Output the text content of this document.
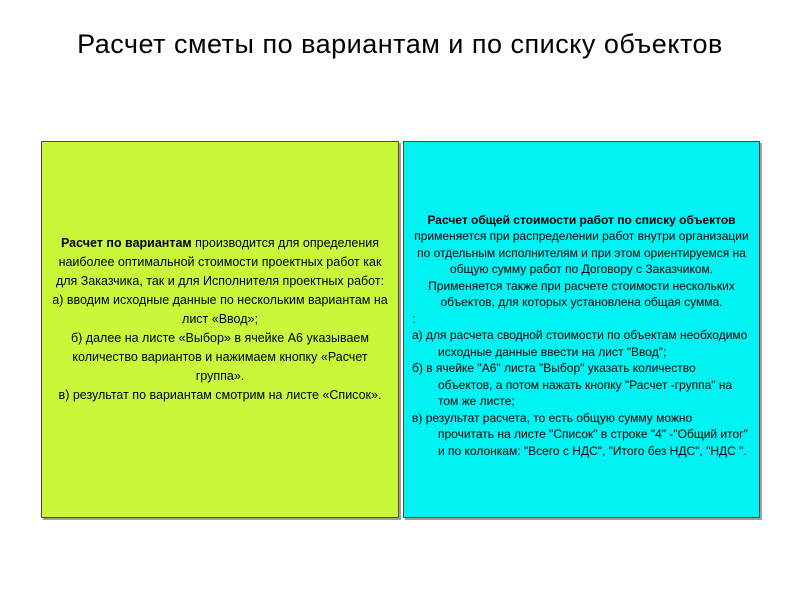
Расчет сметы по вариантам и по списку объектов

Расчет по вариантам производится для определения наиболее оптимальной стоимости проектных работ как для Заказчика, так и для Исполнителя проектных работ:

а) вводим исходные данные по нескольким вариантам на лист «Ввод»;

б) далее на листе «Выбор» в ячейке А6 указываем количество вариантов и нажимаем кнопку «Расчет группа».

в) результат по вариантам смотрим на листе «Список».

Расчет общей стоимости работ по списку объектов применяется при распределении работ внутри организации по отдельным исполнителям и при этом ориентируемся на общую сумму работ по Договору с Заказчиком. Применяется также при расчете стоимости нескольких объектов, для которых установлена общая сумма.

:

а) для расчета сводной стоимости по объектам необходимо исходные данные ввести на лист "Ввод";

б) в ячейке "А6" листа "Выбор" указать количество объектов, а потом нажать кнопку "Расчет -группа" на том же листе;

в) результат расчета, то есть общую сумму можно прочитать на листе "Список" в строке "4" -"Общий итог" и по колонкам: "Всего с НДС", "Итого без НДС", "НДС ".
